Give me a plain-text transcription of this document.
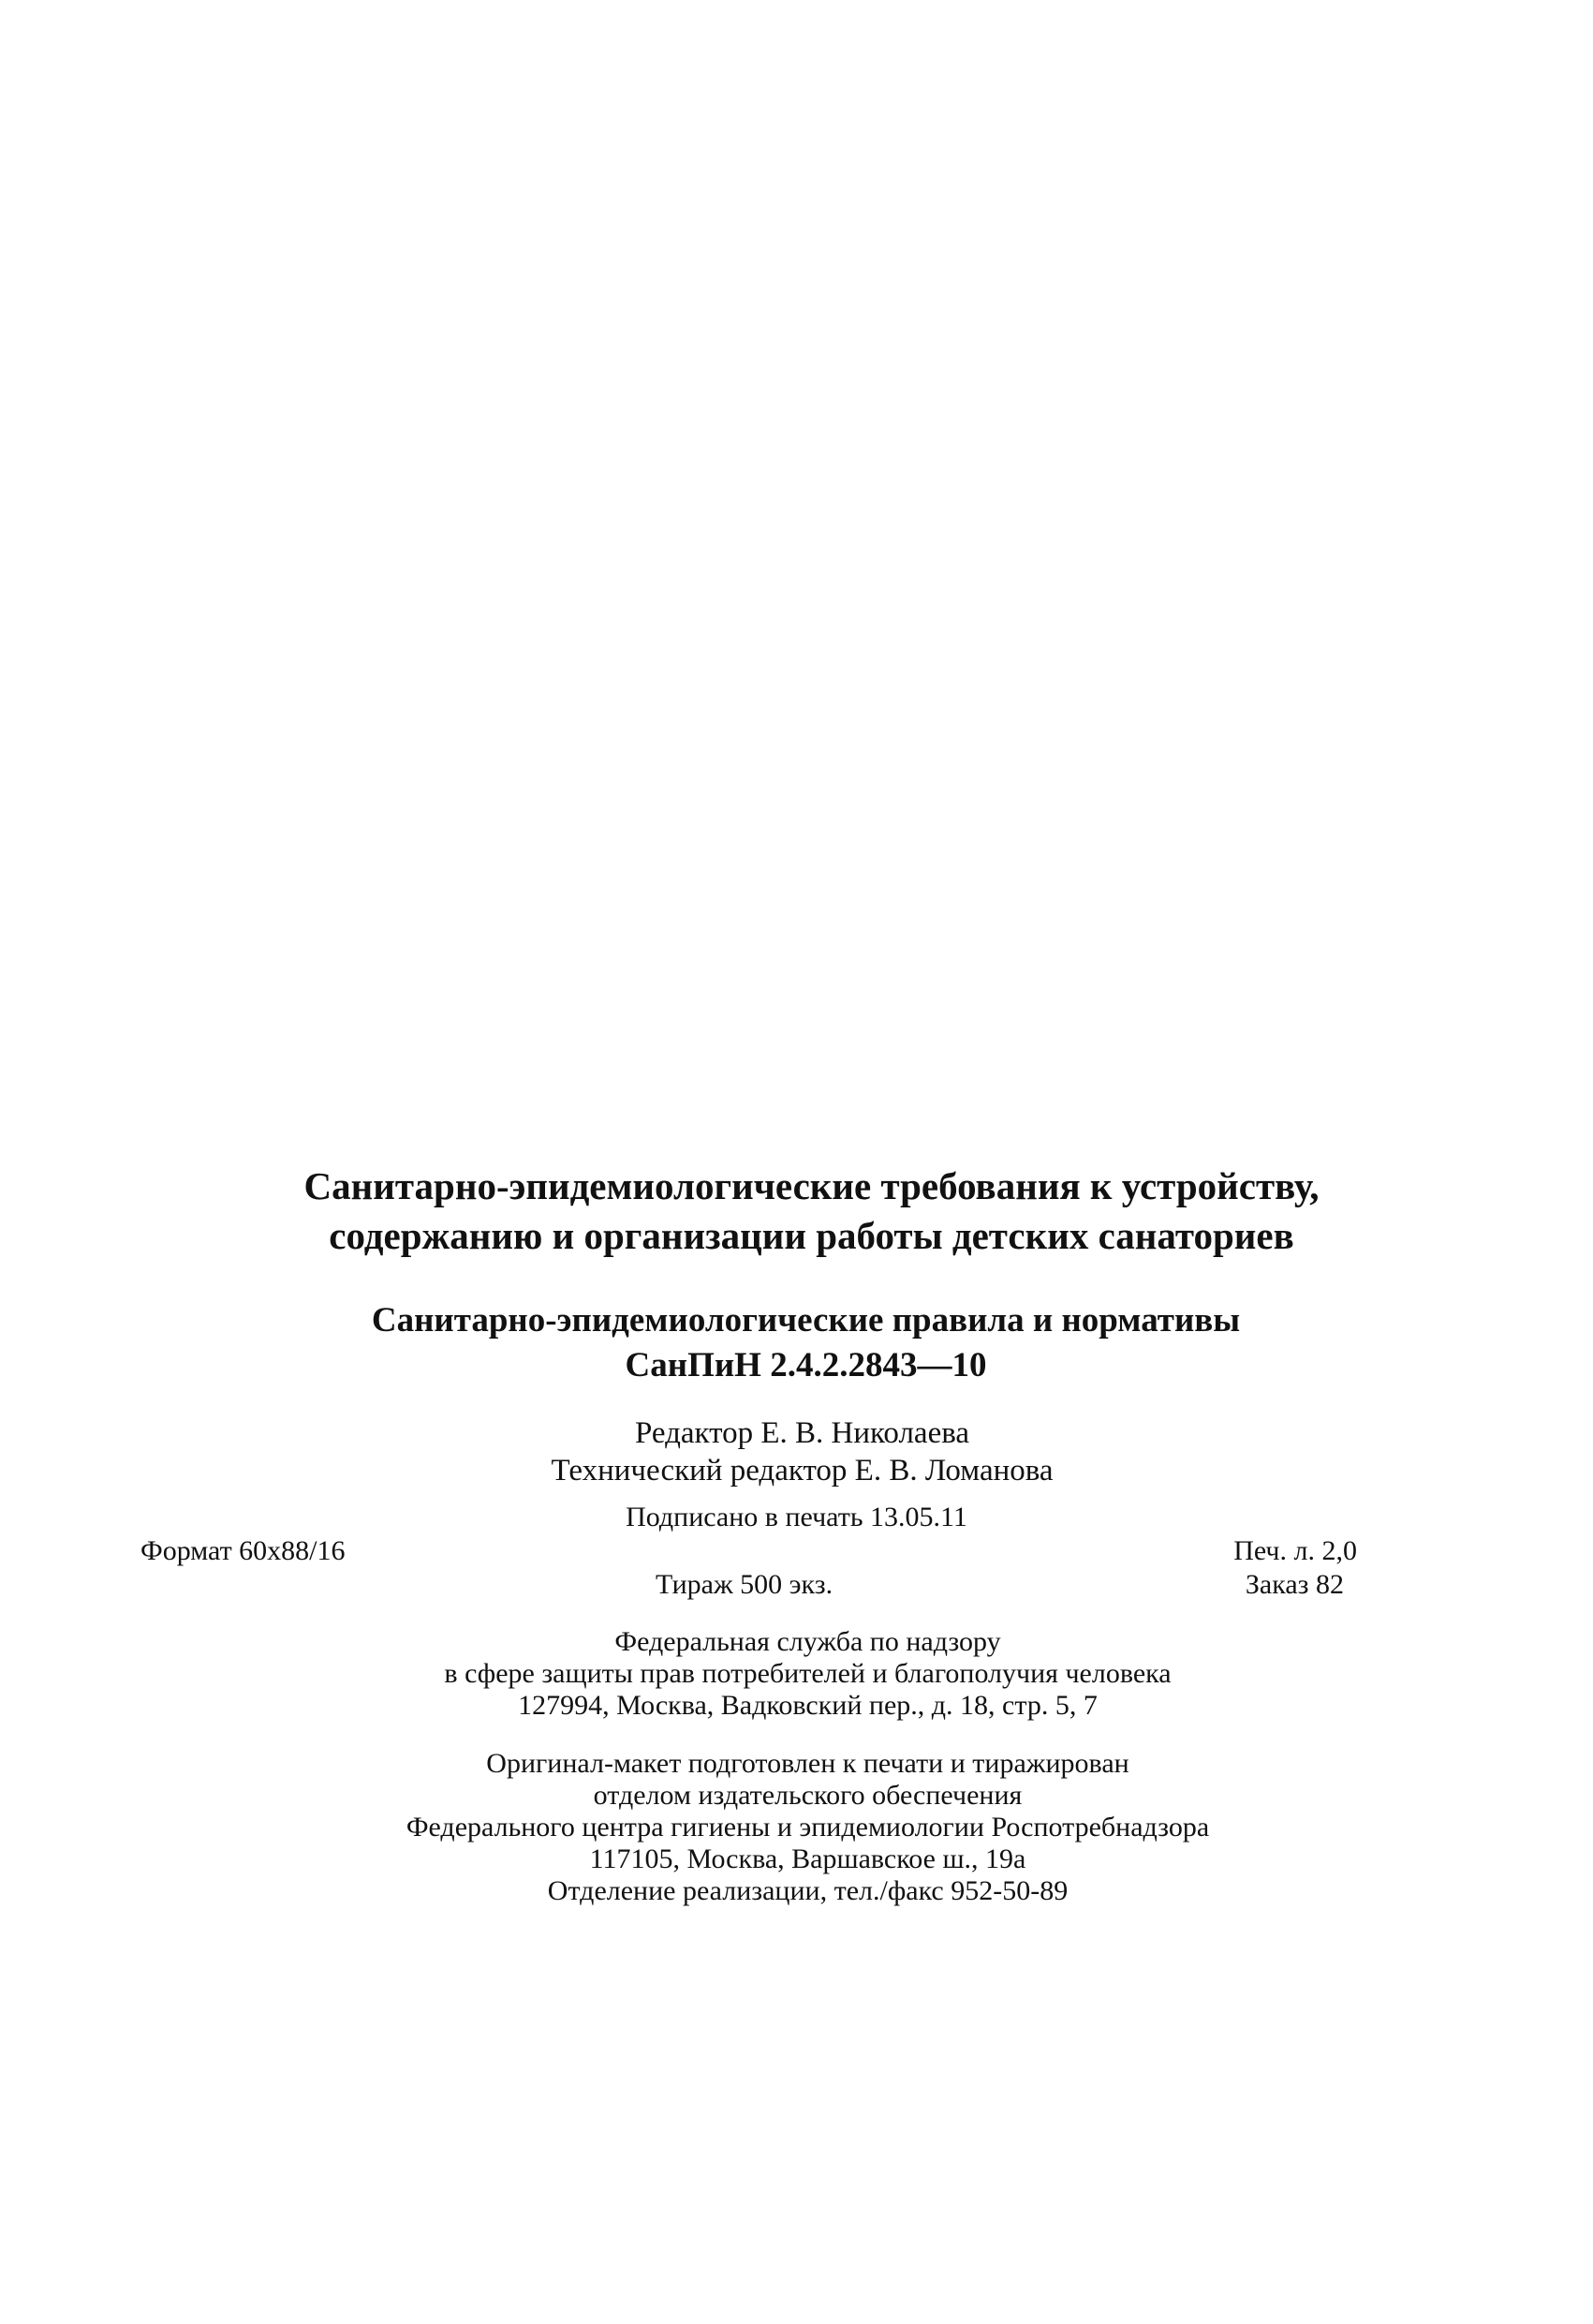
Санитарно-эпидемиологические требования к устройству,
содержанию и организации работы детских санаториев
Санитарно-эпидемиологические правила и нормативы
СанПиН 2.4.2.2843—10
Редактор Е. В. Николаева
Технический редактор Е. В. Ломанова
Подписано в печать 13.05.11
Формат 60x88/16	Печ. л. 2,0
Тираж 500 экз.	Заказ 82
Федеральная служба по надзору
в сфере защиты прав потребителей и благополучия человека
127994, Москва, Вадковский пер., д. 18, стр. 5, 7
Оригинал-макет подготовлен к печати и тиражирован
отделом издательского обеспечения
Федерального центра гигиены и эпидемиологии Роспотребнадзора
117105, Москва, Варшавское ш., 19а
Отделение реализации, тел./факс 952-50-89
